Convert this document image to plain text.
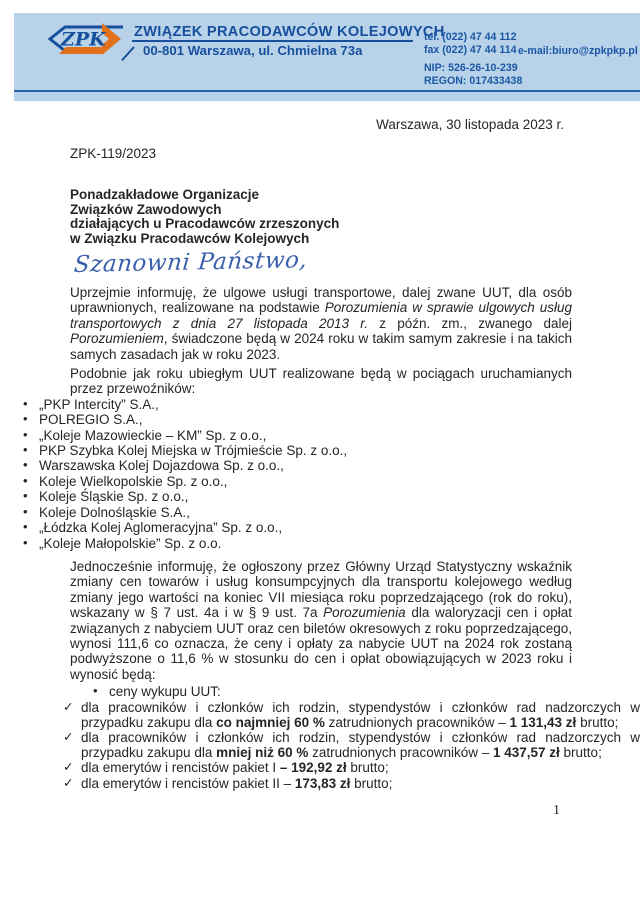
ZPK ZWIĄZEK PRACODAWCÓW KOLEJOWYCH
00-801 Warszawa, ul. Chmielna 73a
tel. (022) 47 44 112
fax (022) 47 44 114 e-mail:biuro@zpkpkp.pl
NIP: 526-26-10-239
REGON: 017433438
Warszawa, 30 listopada 2023 r.
ZPK-119/2023
Ponadzakładowe Organizacje
Związków Zawodowych
działających u Pracodawców zrzeszonych
w Związku Pracodawców Kolejowych
Szanowni Państwo,
Uprzejmie informuję, że ulgowe usługi transportowe, dalej zwane UUT, dla osób uprawnionych, realizowane na podstawie Porozumienia w sprawie ulgowych usług transportowych z dnia 27 listopada 2013 r. z późn. zm., zwanego dalej Porozumieniem, świadczone będą w 2024 roku w takim samym zakresie i na takich samych zasadach jak w roku 2023.
Podobnie jak roku ubiegłym UUT realizowane będą w pociągach uruchamianych przez przewoźników:
• „PKP Intercity” S.A.,
• POLREGIO S.A.,
• „Koleje Mazowieckie – KM” Sp. z o.o.,
• PKP Szybka Kolej Miejska w Trójmieście Sp. z o.o.,
• Warszawska Kolej Dojazdowa Sp. z o.o.,
• Koleje Wielkopolskie Sp. z o.o.,
• Koleje Śląskie Sp. z o.o.,
• Koleje Dolnośląskie S.A.,
• „Łódzka Kolej Aglomeracyjna” Sp. z o.o.,
• „Koleje Małopolskie” Sp. z o.o.
Jednocześnie informuję, że ogłoszony przez Główny Urząd Statystyczny wskaźnik zmiany cen towarów i usług konsumpcyjnych dla transportu kolejowego według zmiany jego wartości na koniec VII miesiąca roku poprzedzającego (rok do roku), wskazany w § 7 ust. 4a i w § 9 ust. 7a Porozumienia dla waloryzacji cen i opłat związanych z nabyciem UUT oraz cen biletów okresowych z roku poprzedzającego, wynosi 111,6 co oznacza, że ceny i opłaty za nabycie UUT na 2024 rok zostaną podwyższone o 11,6 % w stosunku do cen i opłat obowiązujących w 2023 roku i wynosić będą:
• ceny wykupu UUT:
✓ dla pracowników i członków ich rodzin, stypendystów i członków rad nadzorczych w przypadku zakupu dla co najmniej 60 % zatrudnionych pracowników – 1 131,43 zł brutto;
✓ dla pracowników i członków ich rodzin, stypendystów i członków rad nadzorczych w przypadku zakupu dla mniej niż 60 % zatrudnionych pracowników – 1 437,57 zł brutto;
✓ dla emerytów i rencistów pakiet I – 192,92 zł brutto;
✓ dla emerytów i rencistów pakiet II – 173,83 zł brutto;
1
